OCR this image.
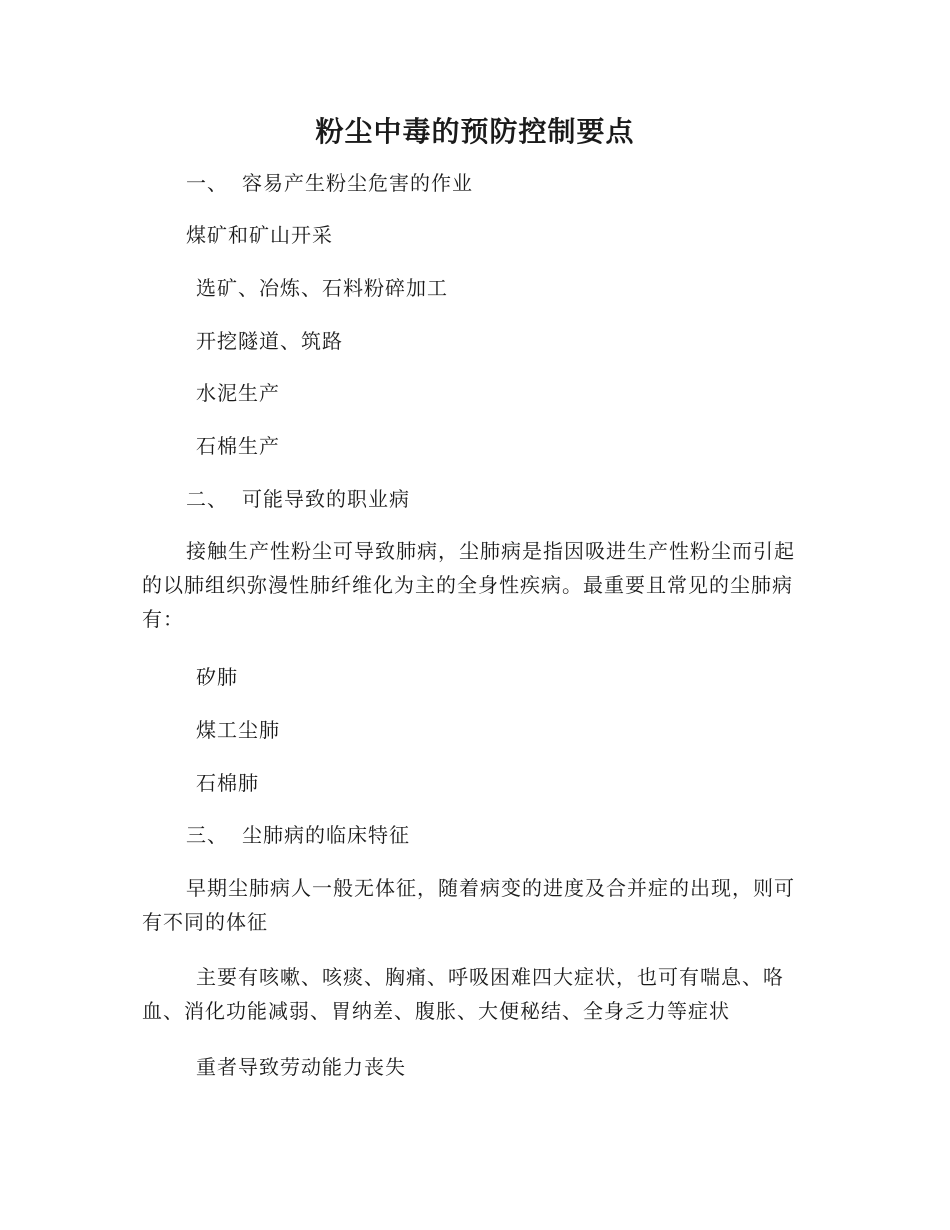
粉尘中毒的预防控制要点
一、 容易产生粉尘危害的作业
煤矿和矿山开采
选矿、冶炼、石料粉碎加工
开挖隧道、筑路
水泥生产
石棉生产
二、 可能导致的职业病
接触生产性粉尘可导致肺病，尘肺病是指因吸进生产性粉尘而引起的以肺组织弥漫性肺纤维化为主的全身性疾病。最重要且常见的尘肺病有：
矽肺
煤工尘肺
石棉肺
三、 尘肺病的临床特征
早期尘肺病人一般无体征，随着病变的进度及合并症的出现，则可有不同的体征
主要有咳嗽、咳痰、胸痛、呼吸困难四大症状，也可有喘息、咯血、消化功能减弱、胃纳差、腹胀、大便秘结、全身乏力等症状
重者导致劳动能力丧失
